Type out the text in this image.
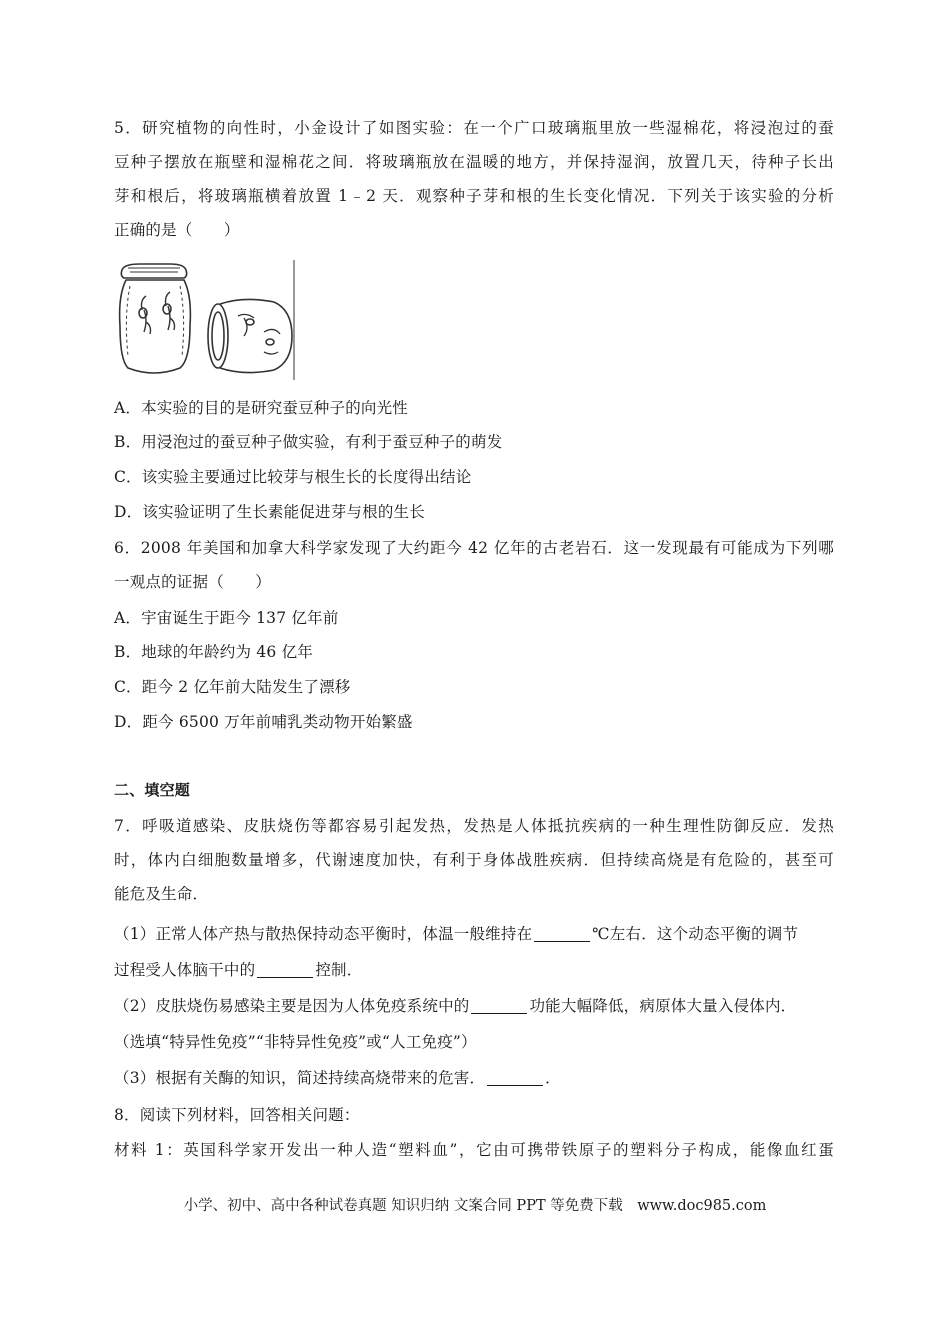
5．研究植物的向性时，小金设计了如图实验：在一个广口玻璃瓶里放一些湿棉花，将浸泡过的蚕
豆种子摆放在瓶壁和湿棉花之间．将玻璃瓶放在温暖的地方，并保持湿润，放置几天，待种子长出
芽和根后，将玻璃瓶横着放置 1﹣2 天．观察种子芽和根的生长变化情况．下列关于该实验的分析
正确的是（　　）
A．本实验的目的是研究蚕豆种子的向光性
B．用浸泡过的蚕豆种子做实验，有利于蚕豆种子的萌发
C．该实验主要通过比较芽与根生长的长度得出结论
D．该实验证明了生长素能促进芽与根的生长
6．2008 年美国和加拿大科学家发现了大约距今 42 亿年的古老岩石．这一发现最有可能成为下列哪
一观点的证据（　　）
A．宇宙诞生于距今 137 亿年前
B．地球的年龄约为 46 亿年
C．距今 2 亿年前大陆发生了漂移
D．距今 6500 万年前哺乳类动物开始繁盛
二、填空题
7．呼吸道感染、皮肤烧伤等都容易引起发热，发热是人体抵抗疾病的一种生理性防御反应．发热
时，体内白细胞数量增多，代谢速度加快，有利于身体战胜疾病．但持续高烧是有危险的，甚至可
能危及生命．
（1）正常人体产热与散热保持动态平衡时，体温一般维持在	℃左右．这个动态平衡的调节
过程受人体脑干中的	控制．
（2）皮肤烧伤易感染主要是因为人体免疫系统中的	功能大幅降低，病原体大量入侵体内．
（选填“特异性免疫”“非特异性免疫”或“人工免疫”）
（3）根据有关酶的知识，简述持续高烧带来的危害．	．
8．阅读下列材料，回答相关问题：
材料 1：英国科学家开发出一种人造“塑料血”，它由可携带铁原子的塑料分子构成，能像血红蛋
小学、初中、高中各种试卷真题 知识归纳 文案合同 PPT 等免费下载　www.doc985.com
